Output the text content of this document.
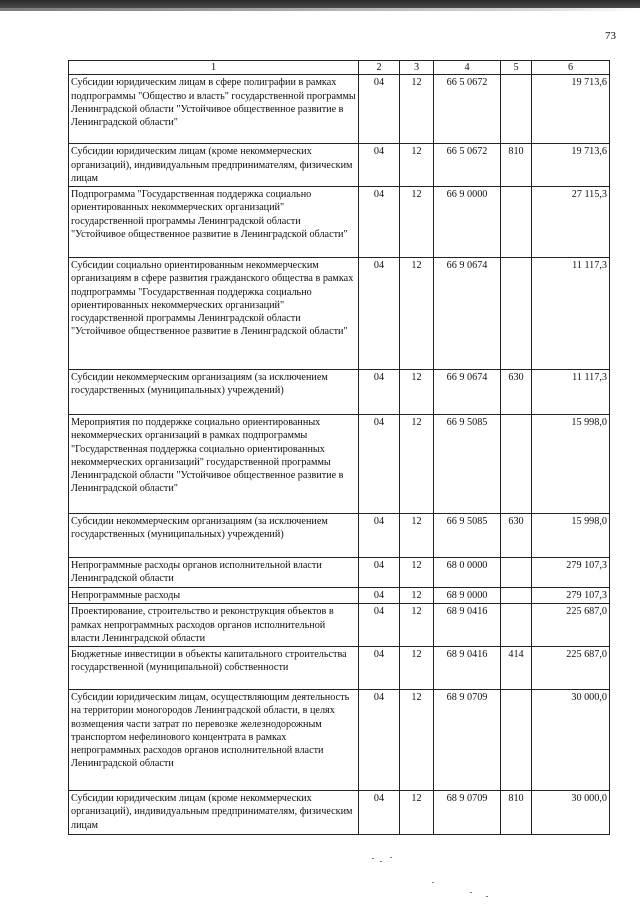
73
1	2	3	4	5	6
Субсидии юридическим лицам в сфере полиграфии в рамках подпрограммы "Общество и власть" государственной программы Ленинградской области "Устойчивое общественное развитие в Ленинградской области"	04	12	66 5 0672		19 713,6
Субсидии юридическим лицам (кроме некоммерческих организаций), индивидуальным предпринимателям, физическим лицам	04	12	66 5 0672	810	19 713,6
Подпрограмма "Государственная поддержка социально ориентированных некоммерческих организаций" государственной программы Ленинградской области "Устойчивое общественное развитие в Ленинградской области"	04	12	66 9 0000		27 115,3
Субсидии социально ориентированным некоммерческим организациям в сфере развития гражданского общества в рамках подпрограммы "Государственная поддержка социально ориентированных некоммерческих организаций" государственной программы Ленинградской области "Устойчивое общественное развитие в Ленинградской области"	04	12	66 9 0674		11 117,3
Субсидии некоммерческим организациям (за исключением государственных (муниципальных) учреждений)	04	12	66 9 0674	630	11 117,3
Мероприятия по поддержке социально ориентированных некоммерческих организаций в рамках подпрограммы "Государственная поддержка социально ориентированных некоммерческих организаций" государственной программы Ленинградской области "Устойчивое общественное развитие в Ленинградской области"	04	12	66 9 5085		15 998,0
Субсидии некоммерческим организациям (за исключением государственных (муниципальных) учреждений)	04	12	66 9 5085	630	15 998,0
Непрограммные расходы органов исполнительной власти Ленинградской области	04	12	68 0 0000		279 107,3
Непрограммные расходы	04	12	68 9 0000		279 107,3
Проектирование, строительство и реконструкция объектов в рамках непрограммных расходов органов исполнительной власти Ленинградской области	04	12	68 9 0416		225 687,0
Бюджетные инвестиции в объекты капитального строительства государственной (муниципальной) собственности	04	12	68 9 0416	414	225 687,0
Субсидии юридическим лицам, осуществляющим деятельность на территории моногородов Ленинградской области, в целях возмещения части затрат по перевозке железнодорожным транспортом нефелинового концентрата в рамках непрограммных расходов органов исполнительной власти Ленинградской области	04	12	68 9 0709		30 000,0
Субсидии юридическим лицам (кроме некоммерческих организаций), индивидуальным предпринимателям, физическим лицам	04	12	68 9 0709	810	30 000,0
